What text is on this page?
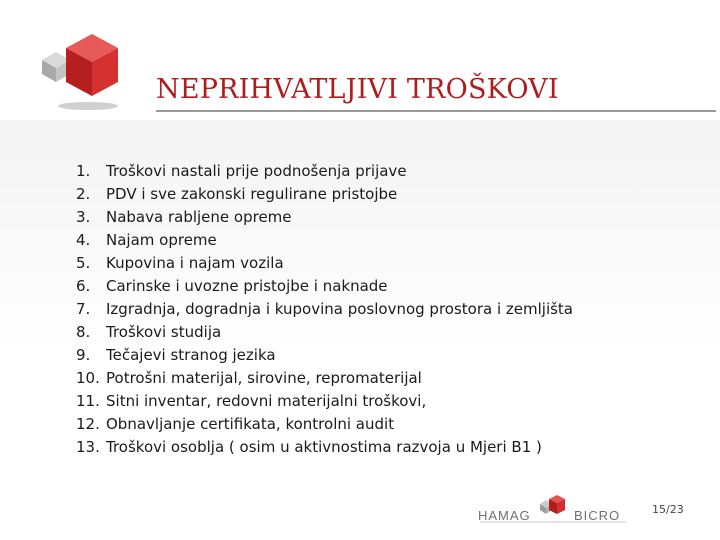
NEPRIHVATLJIVI TROŠKOVI
1. Troškovi nastali prije podnošenja prijave
2. PDV i sve zakonski regulirane pristojbe
3. Nabava rabljene opreme
4. Najam opreme
5. Kupovina i najam vozila
6. Carinske i uvozne pristojbe i naknade
7. Izgradnja, dogradnja i kupovina poslovnog prostora i zemljišta
8. Troškovi studija
9. Tečajevi stranog jezika
10. Potrošni materijal, sirovine, repromaterijal
11. Sitni inventar, redovni materijalni troškovi,
12. Obnavljanje certifikata, kontrolni audit
13. Troškovi osoblja ( osim u aktivnostima razvoja u Mjeri B1 )
HAMAG	BICRO	15/23
